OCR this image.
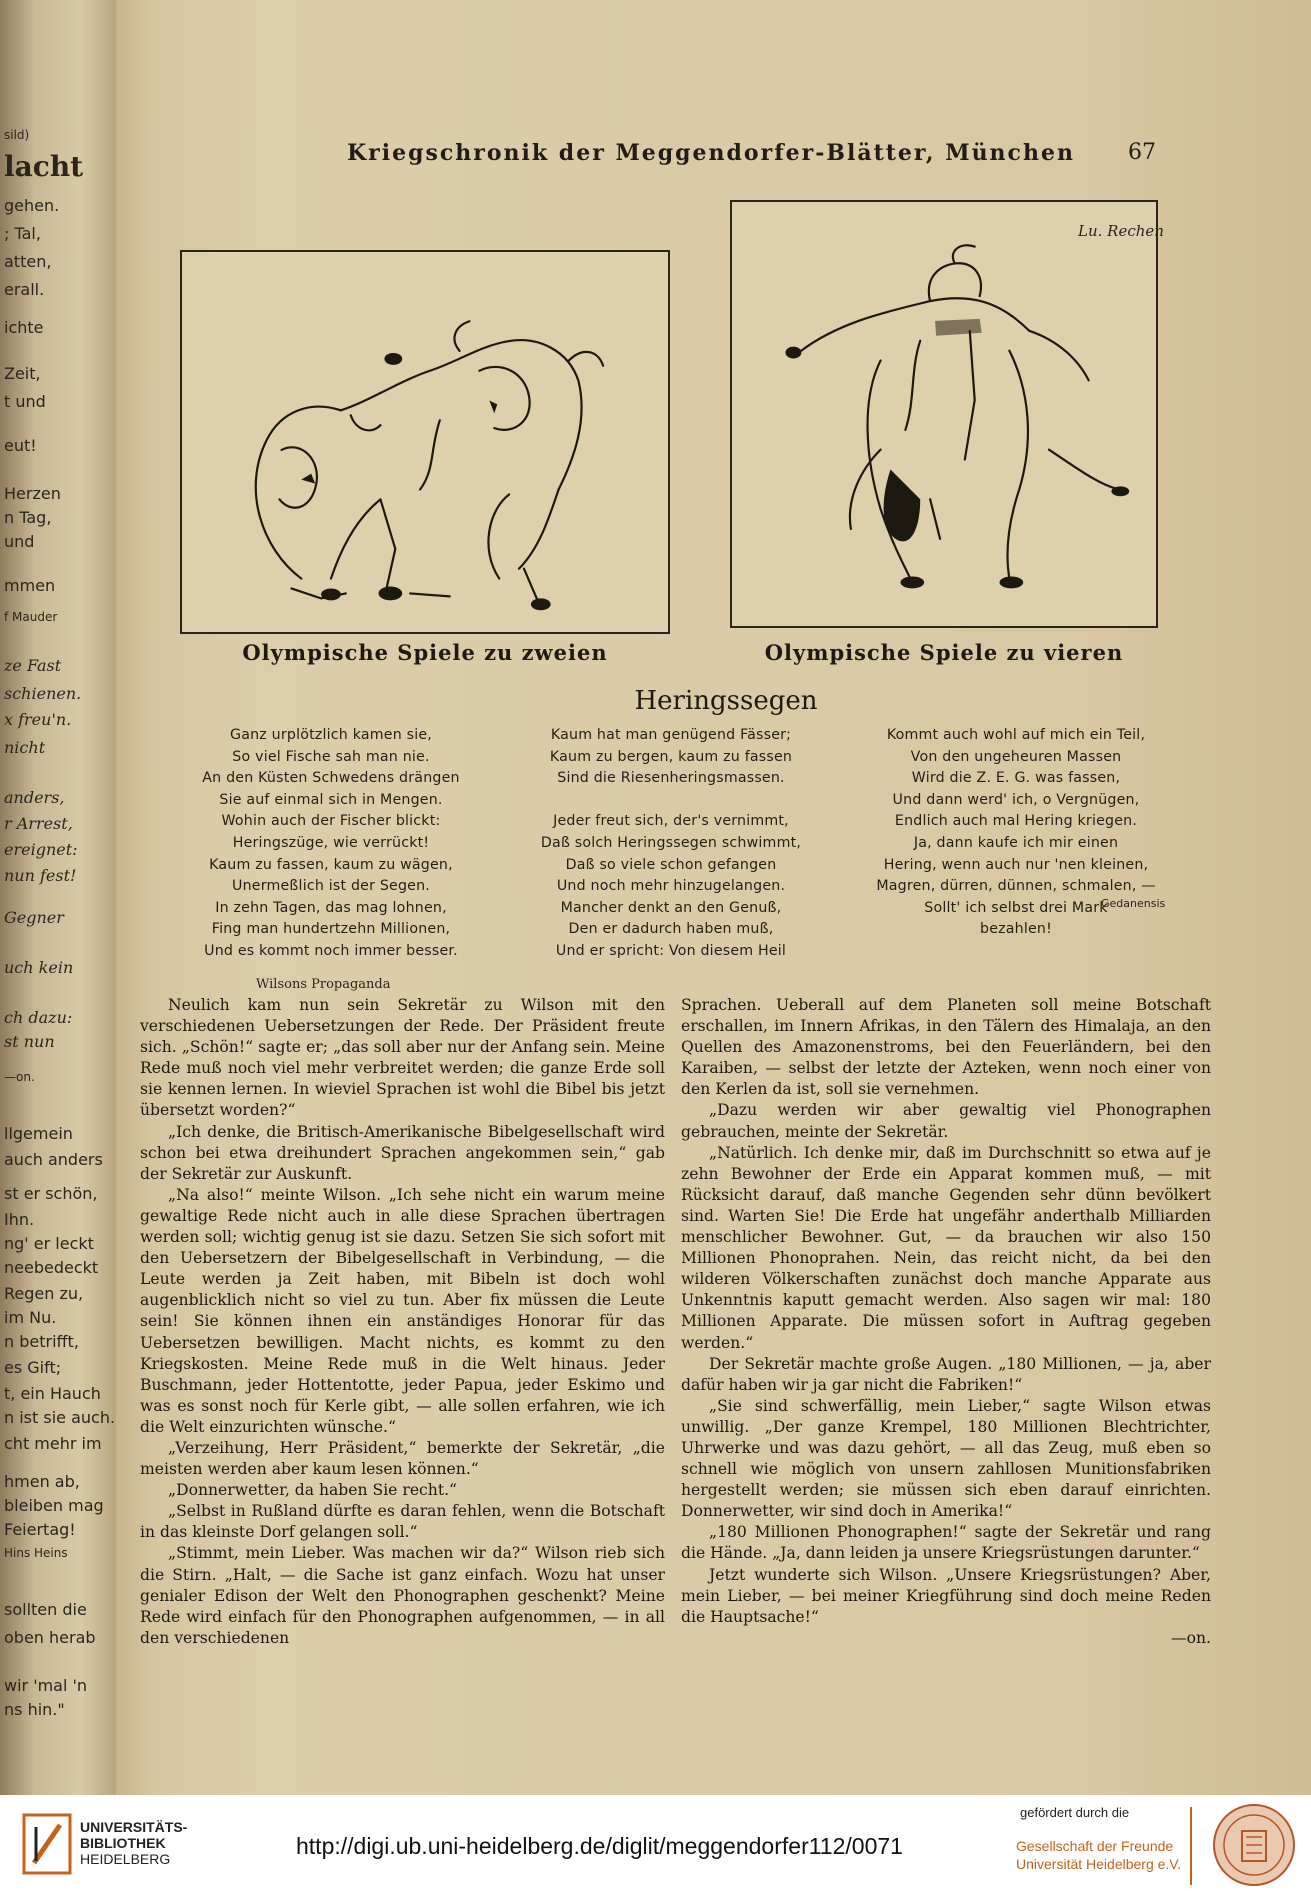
sild)
lacht
gehen.
; Tal,
atten,
erall.
ichte
Zeit,
t und
eut!
Herzen
n Tag,
und
mmen
f Mauder
ze Fast
schienen.
x freu'n.
nicht
anders,
r Arrest,
ereignet:
nun fest!
Gegner
uch kein
ch dazu:
st nun
—on.
llgemein
auch anders
st er schön,
Ihn.
ng' er leckt
neebedeckt
Regen zu,
im Nu.
n betrifft,
es Gift;
t, ein Hauch
n ist sie auch.
cht mehr im
hmen ab,
bleiben mag
Feiertag!
Hins Heins
sollten die
oben herab
wir 'mal 'n
ns hin."
Kriegschronik der Meggendorfer-Blätter, München	67
Olympische Spiele zu zweien
Lu. Rechen
Olympische Spiele zu vieren
Heringssegen
Ganz urplötzlich kamen sie,
So viel Fische sah man nie.
An den Küsten Schwedens drängen
Sie auf einmal sich in Mengen.
Wohin auch der Fischer blickt:
Heringszüge, wie verrückt!
Kaum zu fassen, kaum zu wägen,
Unermeßlich ist der Segen.
In zehn Tagen, das mag lohnen,
Fing man hundertzehn Millionen,
Und es kommt noch immer besser.
Kaum hat man genügend Fässer;
Kaum zu bergen, kaum zu fassen
Sind die Riesenheringsmassen.
Jeder freut sich, der's vernimmt,
Daß solch Heringssegen schwimmt,
Daß so viele schon gefangen
Und noch mehr hinzugelangen.
Mancher denkt an den Genuß,
Den er dadurch haben muß,
Und er spricht: Von diesem Heil
Kommt auch wohl auf mich ein Teil,
Von den ungeheuren Massen
Wird die Z. E. G. was fassen,
Und dann werd' ich, o Vergnügen,
Endlich auch mal Hering kriegen.
Ja, dann kaufe ich mir einen
Hering, wenn auch nur 'nen kleinen,
Magren, dürren, dünnen, schmalen, —
Sollt' ich selbst drei Mark
bezahlen!
Gedanensis
Wilsons Propaganda

Neulich kam nun sein Sekretär zu Wilson mit den verschiedenen Uebersetzungen der Rede. Der Präsident freute sich. „Schön!“ sagte er; „das soll aber nur der Anfang sein. Meine Rede muß noch viel mehr verbreitet werden; die ganze Erde soll sie kennen lernen. In wieviel Sprachen ist wohl die Bibel bis jetzt übersetzt worden?“

„Ich denke, die Britisch-Amerikanische Bibelgesellschaft wird schon bei etwa dreihundert Sprachen angekommen sein,“ gab der Sekretär zur Auskunft.

„Na also!“ meinte Wilson. „Ich sehe nicht ein warum meine gewaltige Rede nicht auch in alle diese Sprachen übertragen werden soll; wichtig genug ist sie dazu. Setzen Sie sich sofort mit den Uebersetzern der Bibelgesellschaft in Verbindung, — die Leute werden ja Zeit haben, mit Bibeln ist doch wohl augenblicklich nicht so viel zu tun. Aber fix müssen die Leute sein! Sie können ihnen ein anständiges Honorar für das Uebersetzen bewilligen. Macht nichts, es kommt zu den Kriegskosten. Meine Rede muß in die Welt hinaus. Jeder Buschmann, jeder Hottentotte, jeder Papua, jeder Eskimo und was es sonst noch für Kerle gibt, — alle sollen erfahren, wie ich die Welt einzurichten wünsche.“

„Verzeihung, Herr Präsident,“ bemerkte der Sekretär, „die meisten werden aber kaum lesen können.“

„Donnerwetter, da haben Sie recht.“

„Selbst in Rußland dürfte es daran fehlen, wenn die Botschaft in das kleinste Dorf gelangen soll.“

„Stimmt, mein Lieber. Was machen wir da?“ Wilson rieb sich die Stirn. „Halt, — die Sache ist ganz einfach. Wozu hat unser genialer Edison der Welt den Phonographen geschenkt? Meine Rede wird einfach für den Phonographen aufgenommen, — in all den verschiedenen

Sprachen. Ueberall auf dem Planeten soll meine Botschaft erschallen, im Innern Afrikas, in den Tälern des Himalaja, an den Quellen des Amazonenstroms, bei den Feuerländern, bei den Karaiben, — selbst der letzte der Azteken, wenn noch einer von den Kerlen da ist, soll sie vernehmen.

„Dazu werden wir aber gewaltig viel Phonographen gebrauchen, meinte der Sekretär.

„Natürlich. Ich denke mir, daß im Durchschnitt so etwa auf je zehn Bewohner der Erde ein Apparat kommen muß, — mit Rücksicht darauf, daß manche Gegenden sehr dünn bevölkert sind. Warten Sie! Die Erde hat ungefähr anderthalb Milliarden menschlicher Bewohner. Gut, — da brauchen wir also 150 Millionen Phonoprahen. Nein, das reicht nicht, da bei den wilderen Völkerschaften zunächst doch manche Apparate aus Unkenntnis kaputt gemacht werden. Also sagen wir mal: 180 Millionen Apparate. Die müssen sofort in Auftrag gegeben werden.“

Der Sekretär machte große Augen. „180 Millionen, — ja, aber dafür haben wir ja gar nicht die Fabriken!“

„Sie sind schwerfällig, mein Lieber,“ sagte Wilson etwas unwillig. „Der ganze Krempel, 180 Millionen Blechtrichter, Uhrwerke und was dazu gehört, — all das Zeug, muß eben so schnell wie möglich von unsern zahllosen Munitionsfabriken hergestellt werden; sie müssen sich eben darauf einrichten. Donnerwetter, wir sind doch in Amerika!“

„180 Millionen Phonographen!“ sagte der Sekretär und rang die Hände. „Ja, dann leiden ja unsere Kriegsrüstungen darunter.“

Jetzt wunderte sich Wilson. „Unsere Kriegsrüstungen? Aber, mein Lieber, — bei meiner Kriegführung sind doch meine Reden die Hauptsache!“

—on.

UNIVERSITÄTS-
BIBLIOTHEK
HEIDELBERG	http://digi.ub.uni-heidelberg.de/diglit/meggendorfer112/0071
gefördert durch die
Gesellschaft der Freunde
Universität Heidelberg e.V.
